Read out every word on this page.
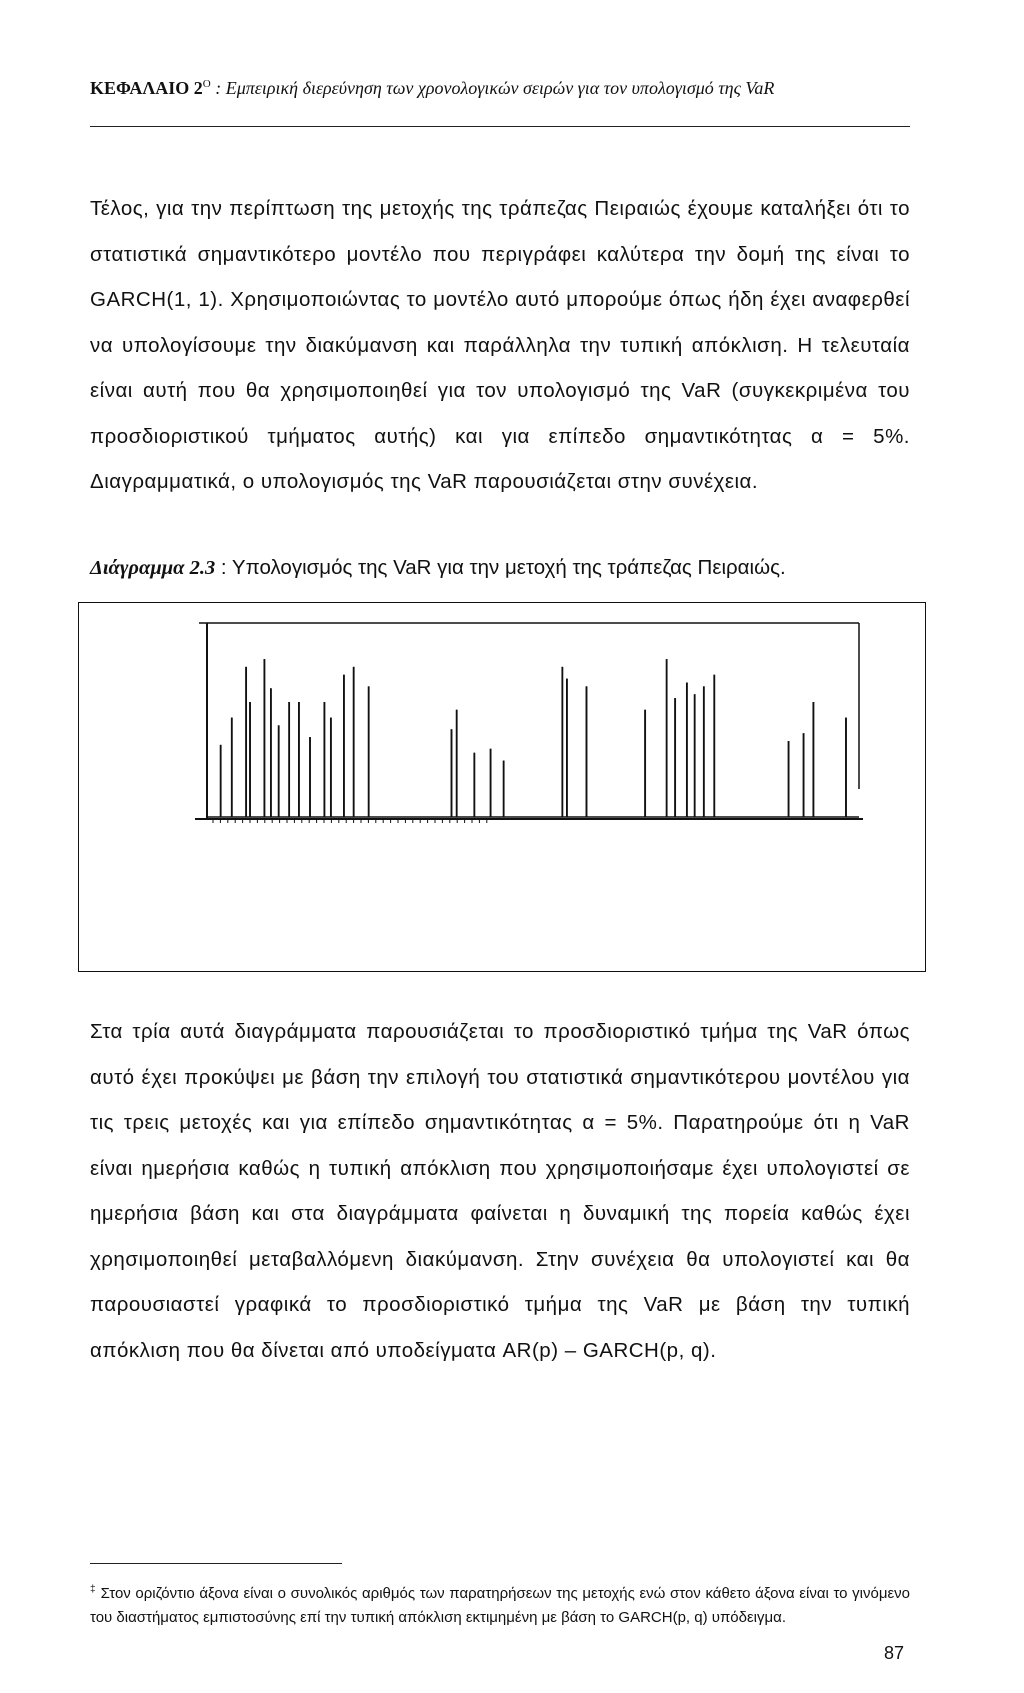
ΚΕΦΑΛΑΙΟ $2^O$ : Εμπειρική διερεύνηση των χρονολογικών σειρών για τον υπολογισμό της VaR

Τέλος, για την περίπτωση της μετοχής της τράπεζας Πειραιώς έχουμε καταλήξει ότι το στατιστικά σημαντικότερο μοντέλο που περιγράφει καλύτερα την δομή της είναι το GARCH(1, 1). Χρησιμοποιώντας το μοντέλο αυτό μπορούμε όπως ήδη έχει αναφερθεί να υπολογίσουμε την διακύμανση και παράλληλα την τυπική απόκλιση. Η τελευταία είναι αυτή που θα χρησιμοποιηθεί για τον υπολογισμό της VaR (συγκεκριμένα του προσδιοριστικού τμήματος αυτής) και για επίπεδο σημαντικότητας α = 5%. Διαγραμματικά, ο υπολογισμός της VaR παρουσιάζεται στην συνέχεια.

Διάγραμμα 2.3 : Υπολογισμός της VaR για την μετοχή της τράπεζας Πειραιώς.

Στα τρία αυτά διαγράμματα παρουσιάζεται το προσδιοριστικό τμήμα της VaR όπως αυτό έχει προκύψει με βάση την επιλογή του στατιστικά σημαντικότερου μοντέλου για τις τρεις μετοχές και για επίπεδο σημαντικότητας α = 5%. Παρατηρούμε ότι η VaR είναι ημερήσια καθώς η τυπική απόκλιση που χρησιμοποιήσαμε έχει υπολογιστεί σε ημερήσια βάση και στα διαγράμματα φαίνεται η δυναμική της πορεία καθώς έχει χρησιμοποιηθεί μεταβαλλόμενη διακύμανση. Στην συνέχεια θα υπολογιστεί και θα παρουσιαστεί γραφικά το προσδιοριστικό τμήμα της VaR με βάση την τυπική απόκλιση που θα δίνεται από υποδείγματα AR(p) – GARCH(p, q).

‡ Στον οριζόντιο άξονα είναι ο συνολικός αριθμός των παρατηρήσεων της μετοχής ενώ στον κάθετο άξονα είναι το γινόμενο του διαστήματος εμπιστοσύνης επί την τυπική απόκλιση εκτιμημένη με βάση το GARCH(p, q) υπόδειγμα.

87
